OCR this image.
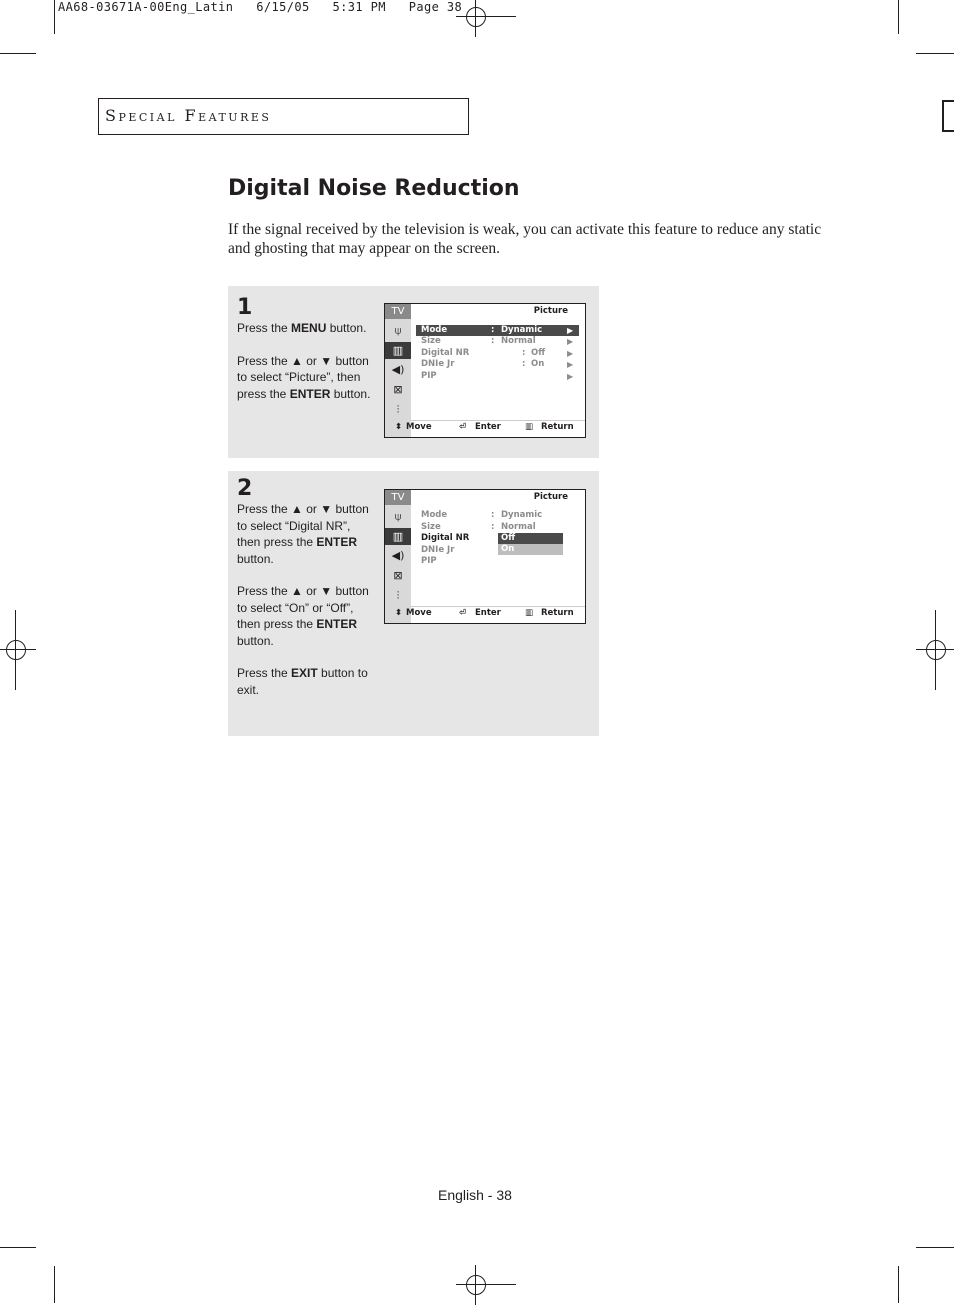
AA68-03671A-00Eng_Latin   6/15/05   5:31 PM   Page 38
Special Features
Digital Noise Reduction
If the signal received by the television is weak, you can activate this feature to reduce any static and ghosting that may appear on the screen.
1

Press the MENU button.

Press the ▲ or ▼ button to select “Picture”, then press the ENTER button.

TV
⍦
▥
◀)
⊠
⫶
Picture
Mode	: Dynamic	▶
Size	: Normal	▶
Digital NR	: Off	▶
DNIe Jr	: On	▶
PIP	▶
⬍ Move	⏎ Enter	▥ Return
2

Press the ▲ or ▼ button to select “Digital NR”, then press the ENTER button.

Press the ▲ or ▼ button to select “On” or “Off”, then press the ENTER button.

Press the EXIT button to exit.

TV
⍦
▥
◀)
⊠
⫶
Picture
Mode	: Dynamic
Size	: Normal
Digital NR
DNIe Jr
PIP
Off
On
⬍ Move	⏎ Enter	▥ Return
English - 38
